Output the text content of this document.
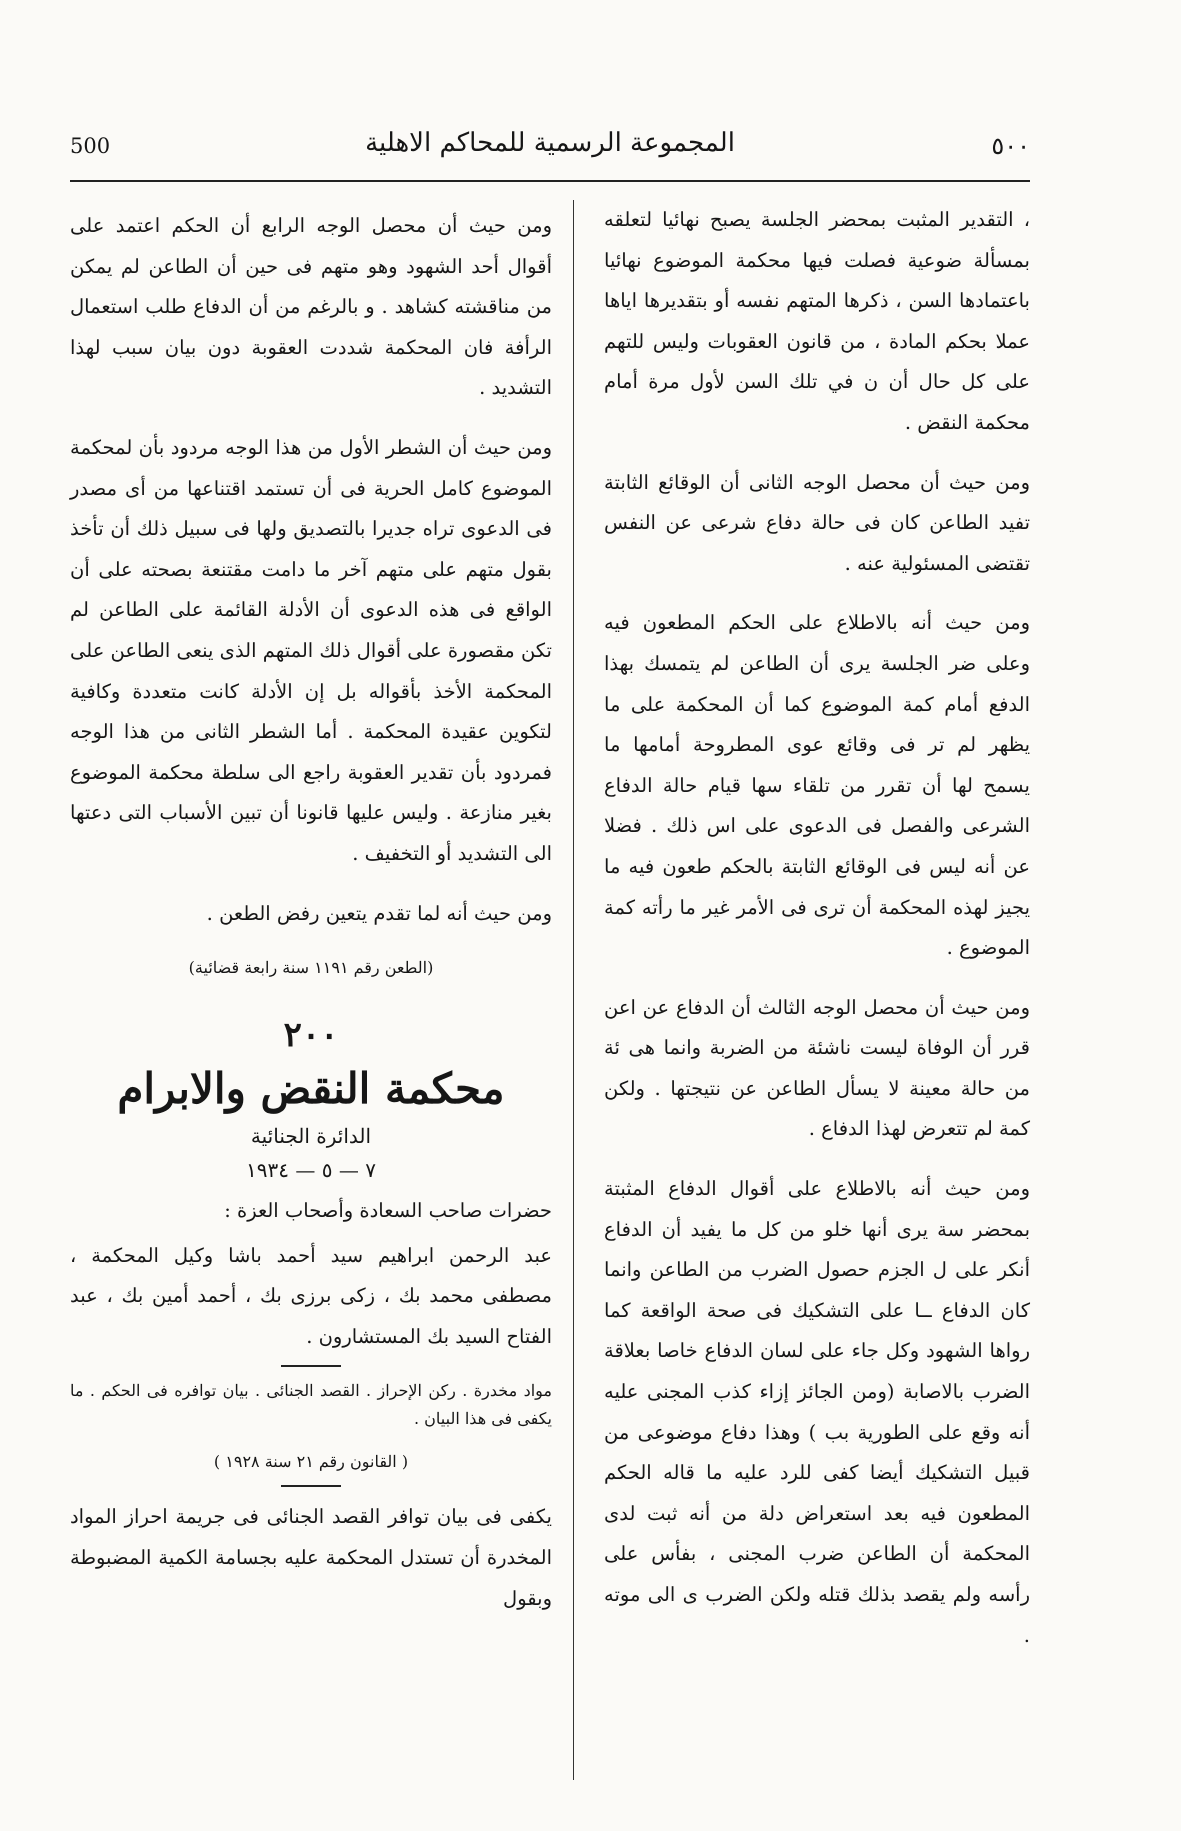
500	المجموعة الرسمية للمحاكم الاهلية	٥٠٠

، التقدير المثبت بمحضر الجلسة يصبح نهائيا لتعلقه بمسألة ضوعية فصلت فيها محكمة الموضوع نهائيا باعتمادها السن ، ذكرها المتهم نفسه أو بتقديرها اياها عملا بحكم المادة ، من قانون العقوبات وليس للتهم على كل حال أن ن في تلك السن لأول مرة أمام محكمة النقض .

ومن حيث أن محصل الوجه الثانى أن الوقائع الثابتة تفيد الطاعن كان فى حالة دفاع شرعى عن النفس تقتضى المسئولية عنه .

ومن حيث أنه بالاطلاع على الحكم المطعون فيه وعلى ضر الجلسة يرى أن الطاعن لم يتمسك بهذا الدفع أمام كمة الموضوع كما أن المحكمة على ما يظهر لم تر فى وقائع عوى المطروحة أمامها ما يسمح لها أن تقرر من تلقاء سها قيام حالة الدفاع الشرعى والفصل فى الدعوى على اس ذلك . فضلا عن أنه ليس فى الوقائع الثابتة بالحكم طعون فيه ما يجيز لهذه المحكمة أن ترى فى الأمر غير ما رأته كمة الموضوع .

ومن حيث أن محصل الوجه الثالث أن الدفاع عن اعن قرر أن الوفاة ليست ناشئة من الضربة وانما هى ئة من حالة معينة لا يسأل الطاعن عن نتيجتها . ولكن كمة لم تتعرض لهذا الدفاع .

ومن حيث أنه بالاطلاع على أقوال الدفاع المثبتة بمحضر سة يرى أنها خلو من كل ما يفيد أن الدفاع أنكر على ل الجزم حصول الضرب من الطاعن وانما كان الدفاع ــا على التشكيك فى صحة الواقعة كما رواها الشهود وكل جاء على لسان الدفاع خاصا بعلاقة الضرب بالاصابة (ومن الجائز إزاء كذب المجنى عليه أنه وقع على الطورية بب ) وهذا دفاع موضوعى من قبيل التشكيك أيضا كفى للرد عليه ما قاله الحكم المطعون فيه بعد استعراض دلة من أنه ثبت لدى المحكمة أن الطاعن ضرب المجنى ، بفأس على رأسه ولم يقصد بذلك قتله ولكن الضرب ى الى موته .

ومن حيث أن محصل الوجه الرابع أن الحكم اعتمد على أقوال أحد الشهود وهو متهم فى حين أن الطاعن لم يمكن من مناقشته كشاهد . و بالرغم من أن الدفاع طلب استعمال الرأفة فان المحكمة شددت العقوبة دون بيان سبب لهذا التشديد .

ومن حيث أن الشطر الأول من هذا الوجه مردود بأن لمحكمة الموضوع كامل الحرية فى أن تستمد اقتناعها من أى مصدر فى الدعوى تراه جديرا بالتصديق ولها فى سبيل ذلك أن تأخذ بقول متهم على متهم آخر ما دامت مقتنعة بصحته على أن الواقع فى هذه الدعوى أن الأدلة القائمة على الطاعن لم تكن مقصورة على أقوال ذلك المتهم الذى ينعى الطاعن على المحكمة الأخذ بأقواله بل إن الأدلة كانت متعددة وكافية لتكوين عقيدة المحكمة . أما الشطر الثانى من هذا الوجه فمردود بأن تقدير العقوبة راجع الى سلطة محكمة الموضوع بغير منازعة . وليس عليها قانونا أن تبين الأسباب التى دعتها الى التشديد أو التخفيف .

ومن حيث أنه لما تقدم يتعين رفض الطعن .

(الطعن رقم ١١٩١ سنة رابعة قضائية)

٢٠٠

محكمة النقض والابرام

الدائرة الجنائية

٧ — ٥ — ١٩٣٤

حضرات صاحب السعادة وأصحاب العزة :

عبد الرحمن ابراهيم سيد أحمد باشا وكيل المحكمة ، مصطفى محمد بك ، زكى برزى بك ، أحمد أمين بك ، عبد الفتاح السيد بك المستشارون .

مواد مخدرة . ركن الإحراز . القصد الجنائى . بيان توافره فى الحكم . ما يكفى فى هذا البيان .

( القانون رقم ٢١ سنة ١٩٢٨ )

يكفى فى بيان توافر القصد الجنائى فى جريمة احراز المواد المخدرة أن تستدل المحكمة عليه بجسامة الكمية المضبوطة وبقول
